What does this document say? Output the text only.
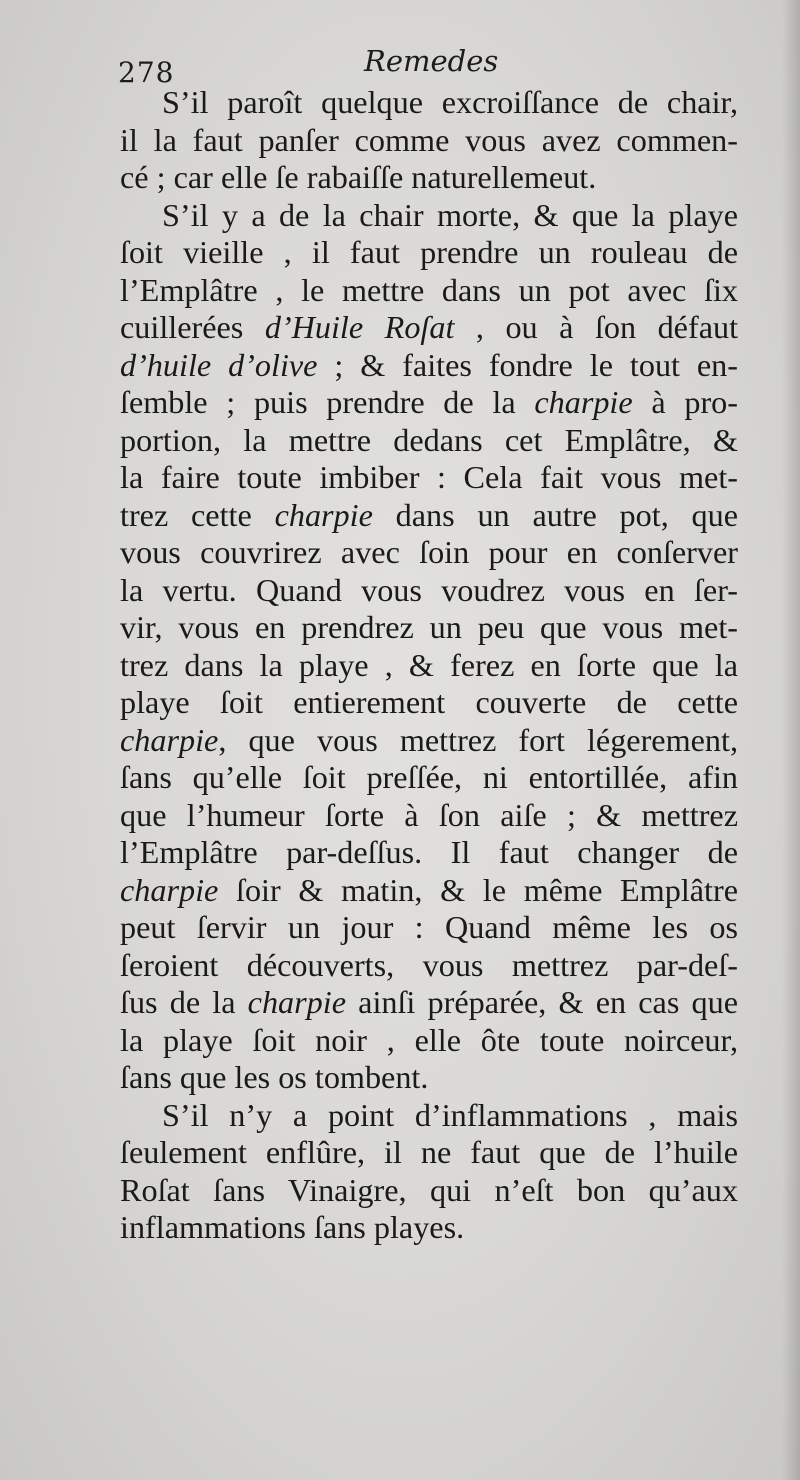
278	Remedes
S’il paroît quelque excroiſſance de chair,
il la faut panſer comme vous avez commen-
cé ; car elle ſe rabaiſſe naturellemeut.
S’il y a de la chair morte, & que la playe
ſoit vieille , il faut prendre un rouleau de
l’Emplâtre , le mettre dans un pot avec ſix
cuillerées d’Huile Roſat , ou à ſon défaut
d’huile d’olive ; & faites fondre le tout en-
ſemble ; puis prendre de la charpie à pro-
portion, la mettre dedans cet Emplâtre, &
la faire toute imbiber : Cela fait vous met-
trez cette charpie dans un autre pot, que
vous couvrirez avec ſoin pour en conſerver
la vertu. Quand vous voudrez vous en ſer-
vir, vous en prendrez un peu que vous met-
trez dans la playe , & ferez en ſorte que la
playe ſoit entierement couverte de cette
charpie, que vous mettrez fort légerement,
ſans qu’elle ſoit preſſée, ni entortillée, afin
que l’humeur ſorte à ſon aiſe ; & mettrez
l’Emplâtre par-deſſus. Il faut changer de
charpie ſoir & matin, & le même Emplâtre
peut ſervir un jour : Quand même les os
ſeroient découverts, vous mettrez par-deſ-
ſus de la charpie ainſi préparée, & en cas que
la playe ſoit noir , elle ôte toute noirceur,
ſans que les os tombent.
S’il n’y a point d’inflammations , mais
ſeulement enflûre, il ne faut que de l’huile
Roſat ſans Vinaigre, qui n’eſt bon qu’aux
inflammations ſans playes.
